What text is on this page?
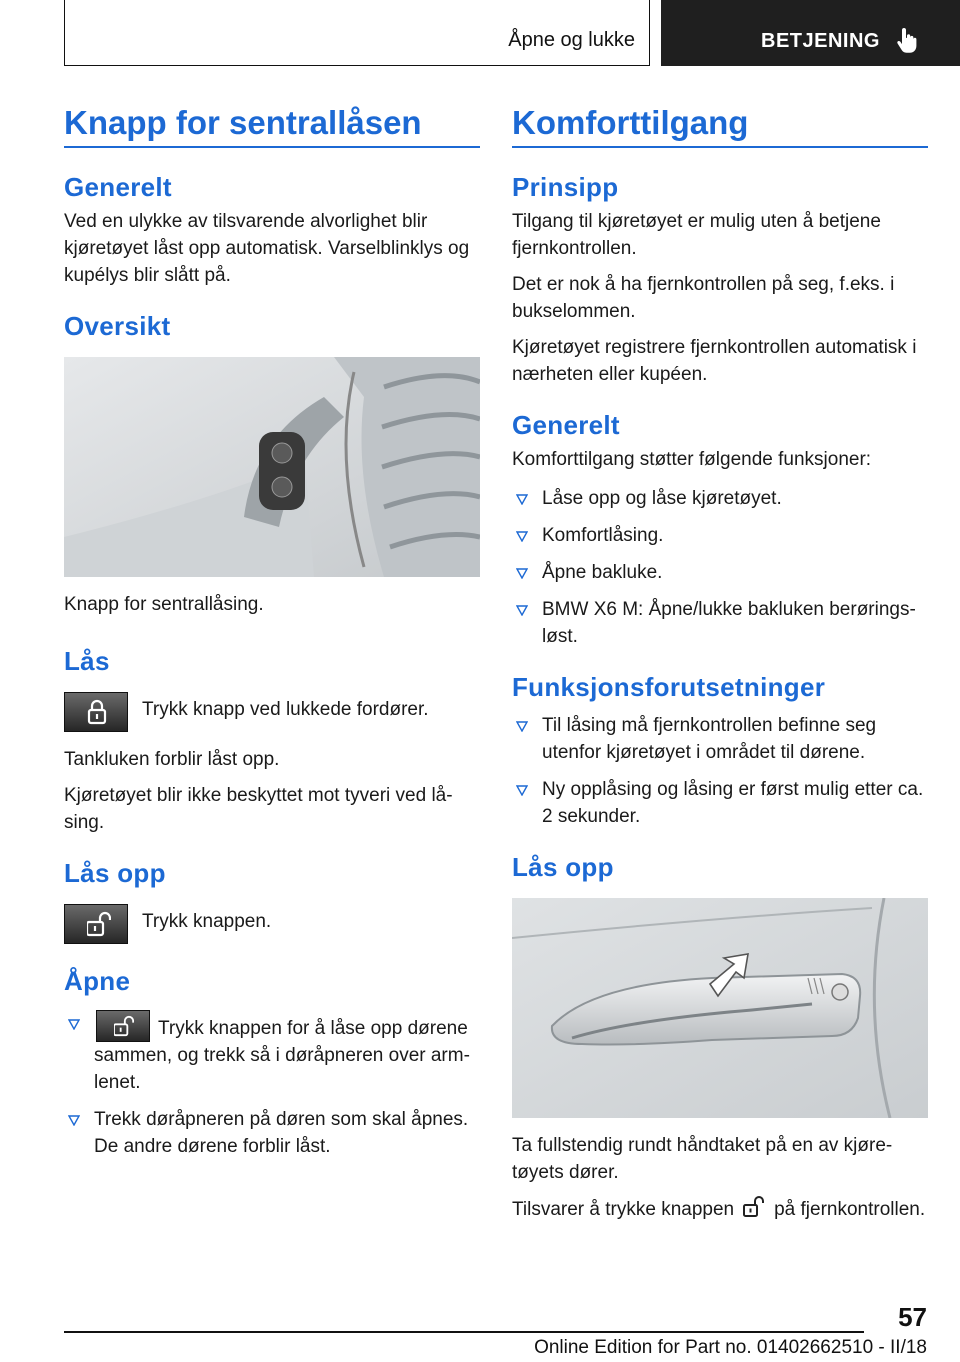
Åpne og lukke	BETJENING
Knapp for sentrallåsen
Generelt

Ved en ulykke av tilsvarende alvorlighet blir kjøretøyet låst opp automatisk. Varselblinklys og kupélys blir slått på.

Oversikt

Knapp for sentrallåsing.

Lås
Trykk knapp ved lukkede fordører.

Tankluken forblir låst opp.

Kjøretøyet blir ikke beskyttet mot tyveri ved låsing.

Lås opp
Trykk knappen.
Åpne
Trykk knappen for å låse opp dørene sammen, og trekk så i døråpneren over armlenet.
Trekk døråpneren på døren som skal åpnes. De andre dørene forblir låst.
Komforttilgang
Prinsipp

Tilgang til kjøretøyet er mulig uten å betjene fjernkontrollen.

Det er nok å ha fjernkontrollen på seg, f.eks. i bukselommen.

Kjøretøyet registrere fjernkontrollen automatisk i nærheten eller kupéen.

Generelt

Komforttilgang støtter følgende funksjoner:

Låse opp og låse kjøretøyet.
Komfortlåsing.
Åpne bakluke.
BMW X6 M: Åpne/lukke bakluken berøringsløst.
Funksjonsforutsetninger
Til låsing må fjernkontrollen befinne seg utenfor kjøretøyet i området til dørene.
Ny opplåsing og låsing er først mulig etter ca. 2 sekunder.
Lås opp

Ta fullstendig rundt håndtaket på en av kjøretøyets dører.

Tilsvarer å trykke knappen på fjernkontrollen.

57
Online Edition for Part no. 01402662510 - II/18
